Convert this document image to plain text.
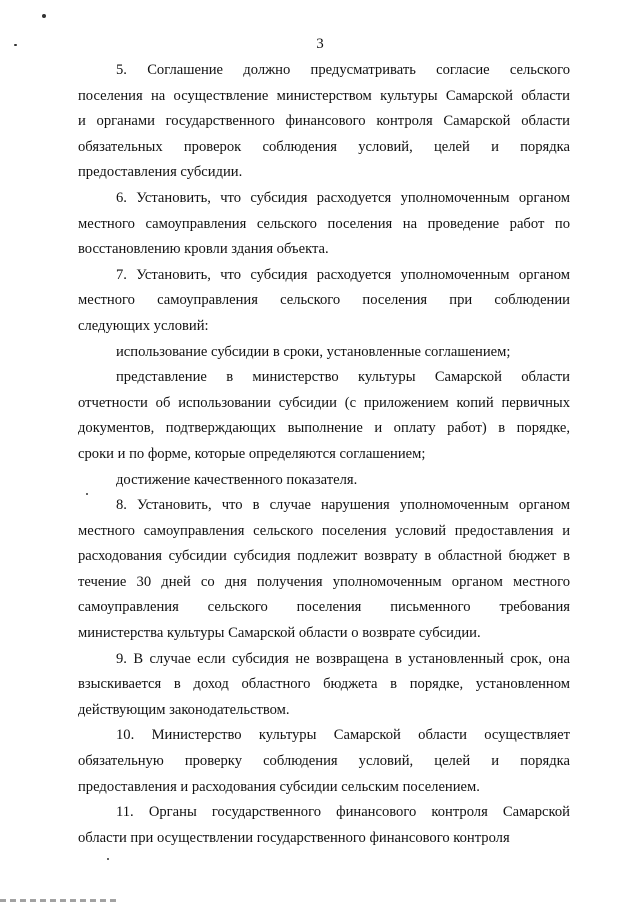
3
5. Соглашение должно предусматривать согласие сельского
поселения на осуществление министерством культуры Самарской области
и органами государственного финансового контроля Самарской области
обязательных проверок соблюдения условий, целей и порядка
предоставления субсидии.
6. Установить, что субсидия расходуется уполномоченным органом
местного самоуправления сельского поселения на проведение работ по
восстановлению кровли здания объекта.
7. Установить, что субсидия расходуется уполномоченным органом
местного самоуправления сельского поселения при соблюдении
следующих условий:
использование субсидии в сроки, установленные соглашением;
представление в министерство культуры Самарской области
отчетности об использовании субсидии (с приложением копий первичных
документов, подтверждающих выполнение и оплату работ) в порядке,
сроки и по форме, которые определяются соглашением;
достижение качественного показателя.
8. Установить, что в случае нарушения уполномоченным органом
местного самоуправления сельского поселения условий предоставления и
расходования субсидии субсидия подлежит возврату в областной бюджет в
течение 30 дней со дня получения уполномоченным органом местного
самоуправления сельского поселения письменного требования
министерства культуры Самарской области о возврате субсидии.
9. В случае если субсидия не возвращена в установленный срок, она
взыскивается в доход областного бюджета в порядке, установленном
действующим законодательством.
10. Министерство культуры Самарской области осуществляет
обязательную проверку соблюдения условий, целей и порядка
предоставления и расходования субсидии сельским поселением.
11. Органы государственного финансового контроля Самарской
области при осуществлении государственного финансового контроля
